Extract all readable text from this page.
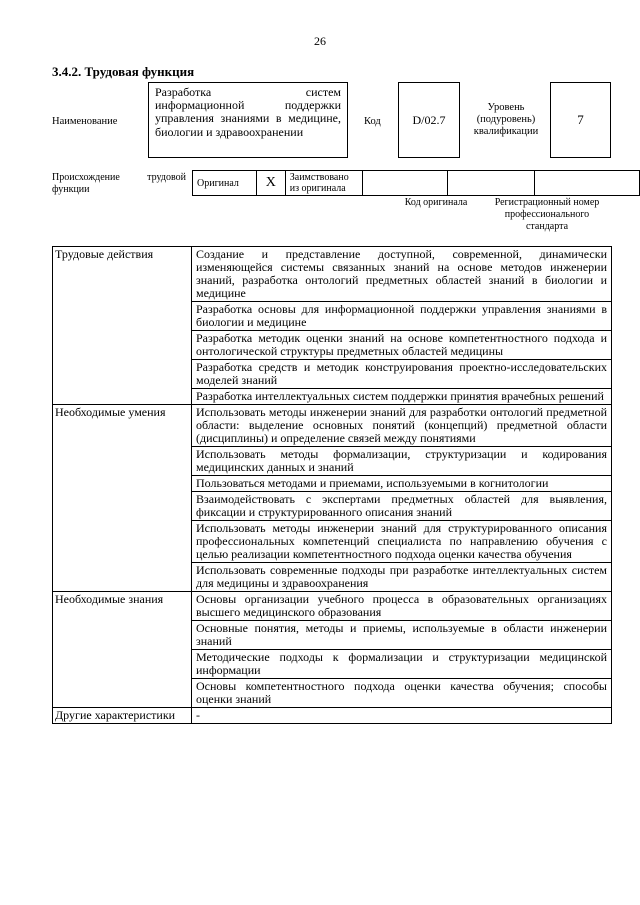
26
3.4.2. Трудовая функция
Наименование
Разработка систем информационной поддержки управления знаниями в медицине, биологии и здравоохранении
Код	D/02.7
Уровень (подуровень) квалификации
7
Происхождение трудовой функции
Оригинал	X	Заимствовано из оригинала			
Код оригинала	Регистрационный номер профессионального стандарта
Трудовые действия	Создание и представление доступной, современной, динамически изменяющейся системы связанных знаний на основе методов инженерии знаний, разработка онтологий предметных областей знаний в биологии и медицине
	Разработка основы для информационной поддержки управления знаниями в биологии и медицине
	Разработка методик оценки знаний на основе компетентностного подхода и онтологической структуры предметных областей медицины
	Разработка средств и методик конструирования проектно-исследовательских моделей знаний
	Разработка интеллектуальных систем поддержки принятия врачебных решений
Необходимые умения	Использовать методы инженерии знаний для разработки онтологий предметной области: выделение основных понятий (концепций) предметной области (дисциплины) и определение связей между понятиями
	Использовать методы формализации, структуризации и кодирования медицинских данных и знаний
	Пользоваться методами и приемами, используемыми в когнитологии
	Взаимодействовать с экспертами предметных областей для выявления, фиксации и структурированного описания знаний
	Использовать методы инженерии знаний для структурированного описания профессиональных компетенций специалиста по направлению обучения с целью реализации компетентностного подхода оценки качества обучения
	Использовать современные подходы при разработке интеллектуальных систем для медицины и здравоохранения
Необходимые знания	Основы организации учебного процесса в образовательных организациях высшего медицинского образования
	Основные понятия, методы и приемы, используемые в области инженерии знаний
	Методические подходы к формализации и структуризации медицинской информации
	Основы компетентностного подхода оценки качества обучения; способы оценки знаний
Другие характеристики	-
